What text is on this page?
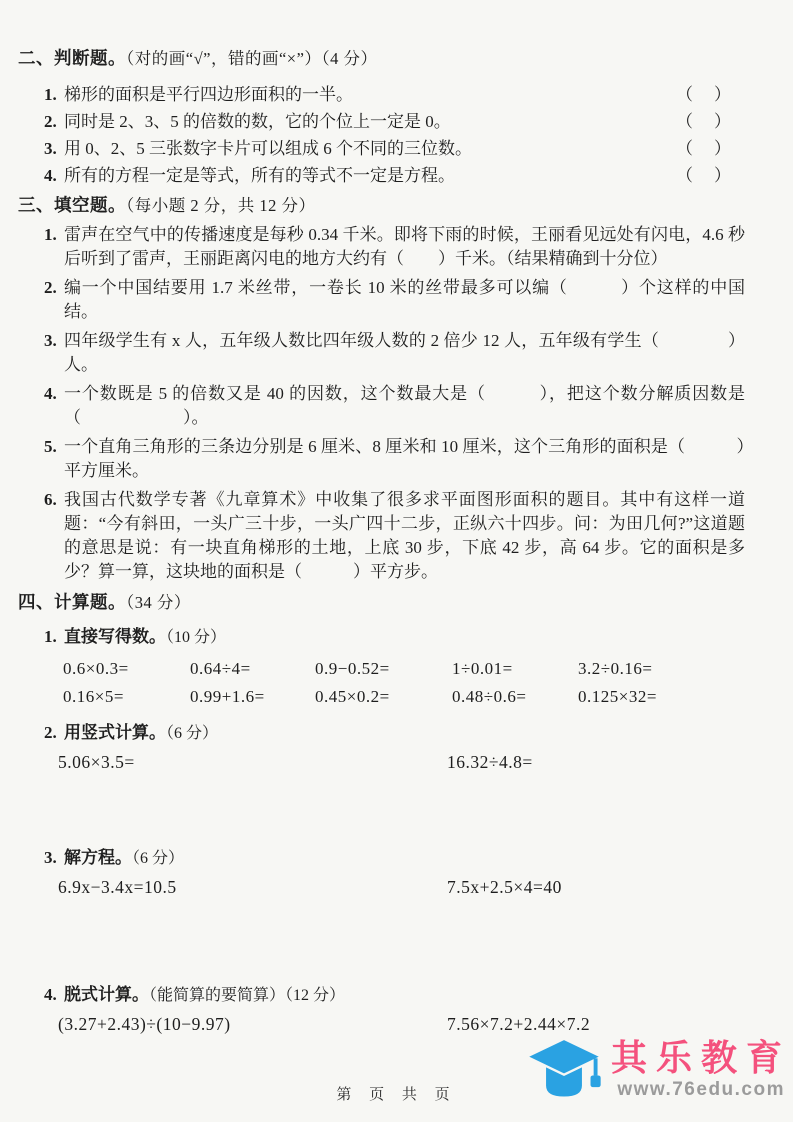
二、判断题。（对的画“√”，错的画“×”）（4 分）
1. 梯形的面积是平行四边形面积的一半。	（　）
2. 同时是 2、3、5 的倍数的数，它的个位上一定是 0。	（　）
3. 用 0、2、5 三张数字卡片可以组成 6 个不同的三位数。	（　）
4. 所有的方程一定是等式，所有的等式不一定是方程。	（　）
三、填空题。（每小题 2 分，共 12 分）
1. 雷声在空气中的传播速度是每秒 0.34 千米。即将下雨的时候，王丽看见远处有闪电，4.6 秒后听到了雷声，王丽距离闪电的地方大约有（　　）千米。（结果精确到十分位）
2. 编一个中国结要用 1.7 米丝带，一卷长 10 米的丝带最多可以编（　　　）个这样的中国结。
3. 四年级学生有 x 人，五年级人数比四年级人数的 2 倍少 12 人，五年级有学生（　　　　）人。
4. 一个数既是 5 的倍数又是 40 的因数，这个数最大是（　　　），把这个数分解质因数是（　　　　　　）。
5. 一个直角三角形的三条边分别是 6 厘米、8 厘米和 10 厘米，这个三角形的面积是（　　　）平方厘米。
6. 我国古代数学专著《九章算术》中收集了很多求平面图形面积的题目。其中有这样一道题：“今有斜田，一头广三十步，一头广四十二步，正纵六十四步。问：为田几何?”这道题的意思是说：有一块直角梯形的土地，上底 30 步，下底 42 步，高 64 步。它的面积是多少？算一算，这块地的面积是（　　　）平方步。
四、计算题。（34 分）
1. 直接写得数。（10 分）
0.6×0.3=	0.64÷4=	0.9−0.52=	1÷0.01=	3.2÷0.16=
0.16×5=	0.99+1.6=	0.45×0.2=	0.48÷0.6=	0.125×32=
2. 用竖式计算。（6 分）
5.06×3.5=	16.32÷4.8=
3. 解方程。（6 分）
6.9x−3.4x=10.5	7.5x+2.5×4=40
4. 脱式计算。（能简算的要简算）（12 分）
(3.27+2.43)÷(10−9.97)	7.56×7.2+2.44×7.2
第 页 共 页
其乐教育
www.76edu.com
